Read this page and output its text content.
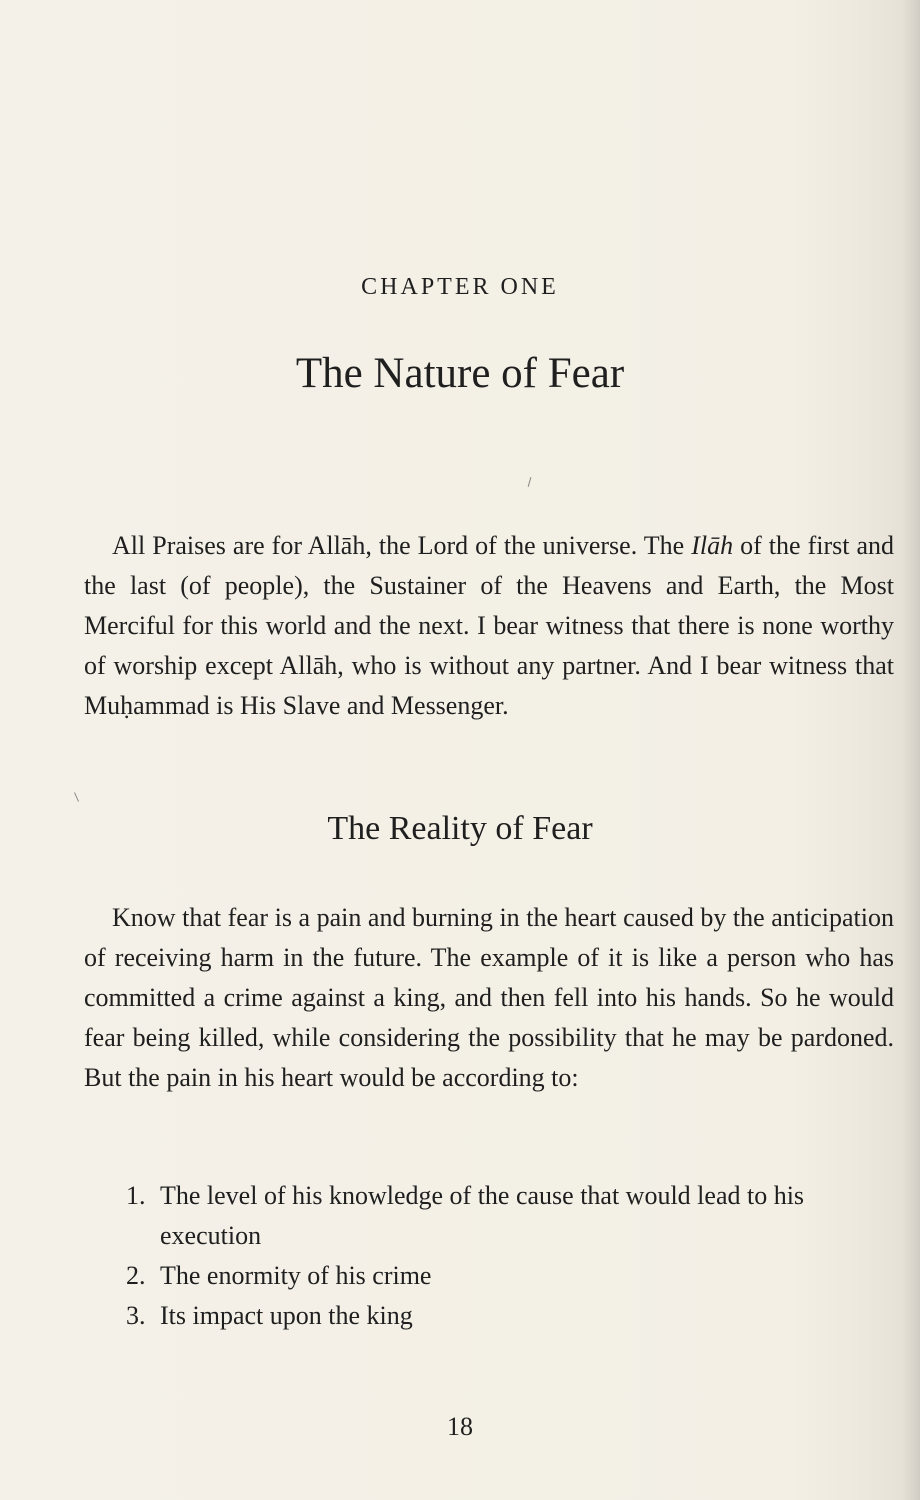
CHAPTER ONE
The Nature of Fear

All Praises are for Allāh, the Lord of the universe. The Ilāh of the first and the last (of people), the Sustainer of the Heavens and Earth, the Most Merciful for this world and the next. I bear witness that there is none worthy of worship except Allāh, who is without any partner. And I bear witness that Muḥammad is His Slave and Messenger.

The Reality of Fear

Know that fear is a pain and burning in the heart caused by the anticipation of receiving harm in the future. The example of it is like a person who has committed a crime against a king, and then fell into his hands. So he would fear being killed, while considering the possibility that he may be pardoned. But the pain in his heart would be according to:

1. The level of his knowledge of the cause that would lead to his execution
2. The enormity of his crime
3. Its impact upon the king
18
